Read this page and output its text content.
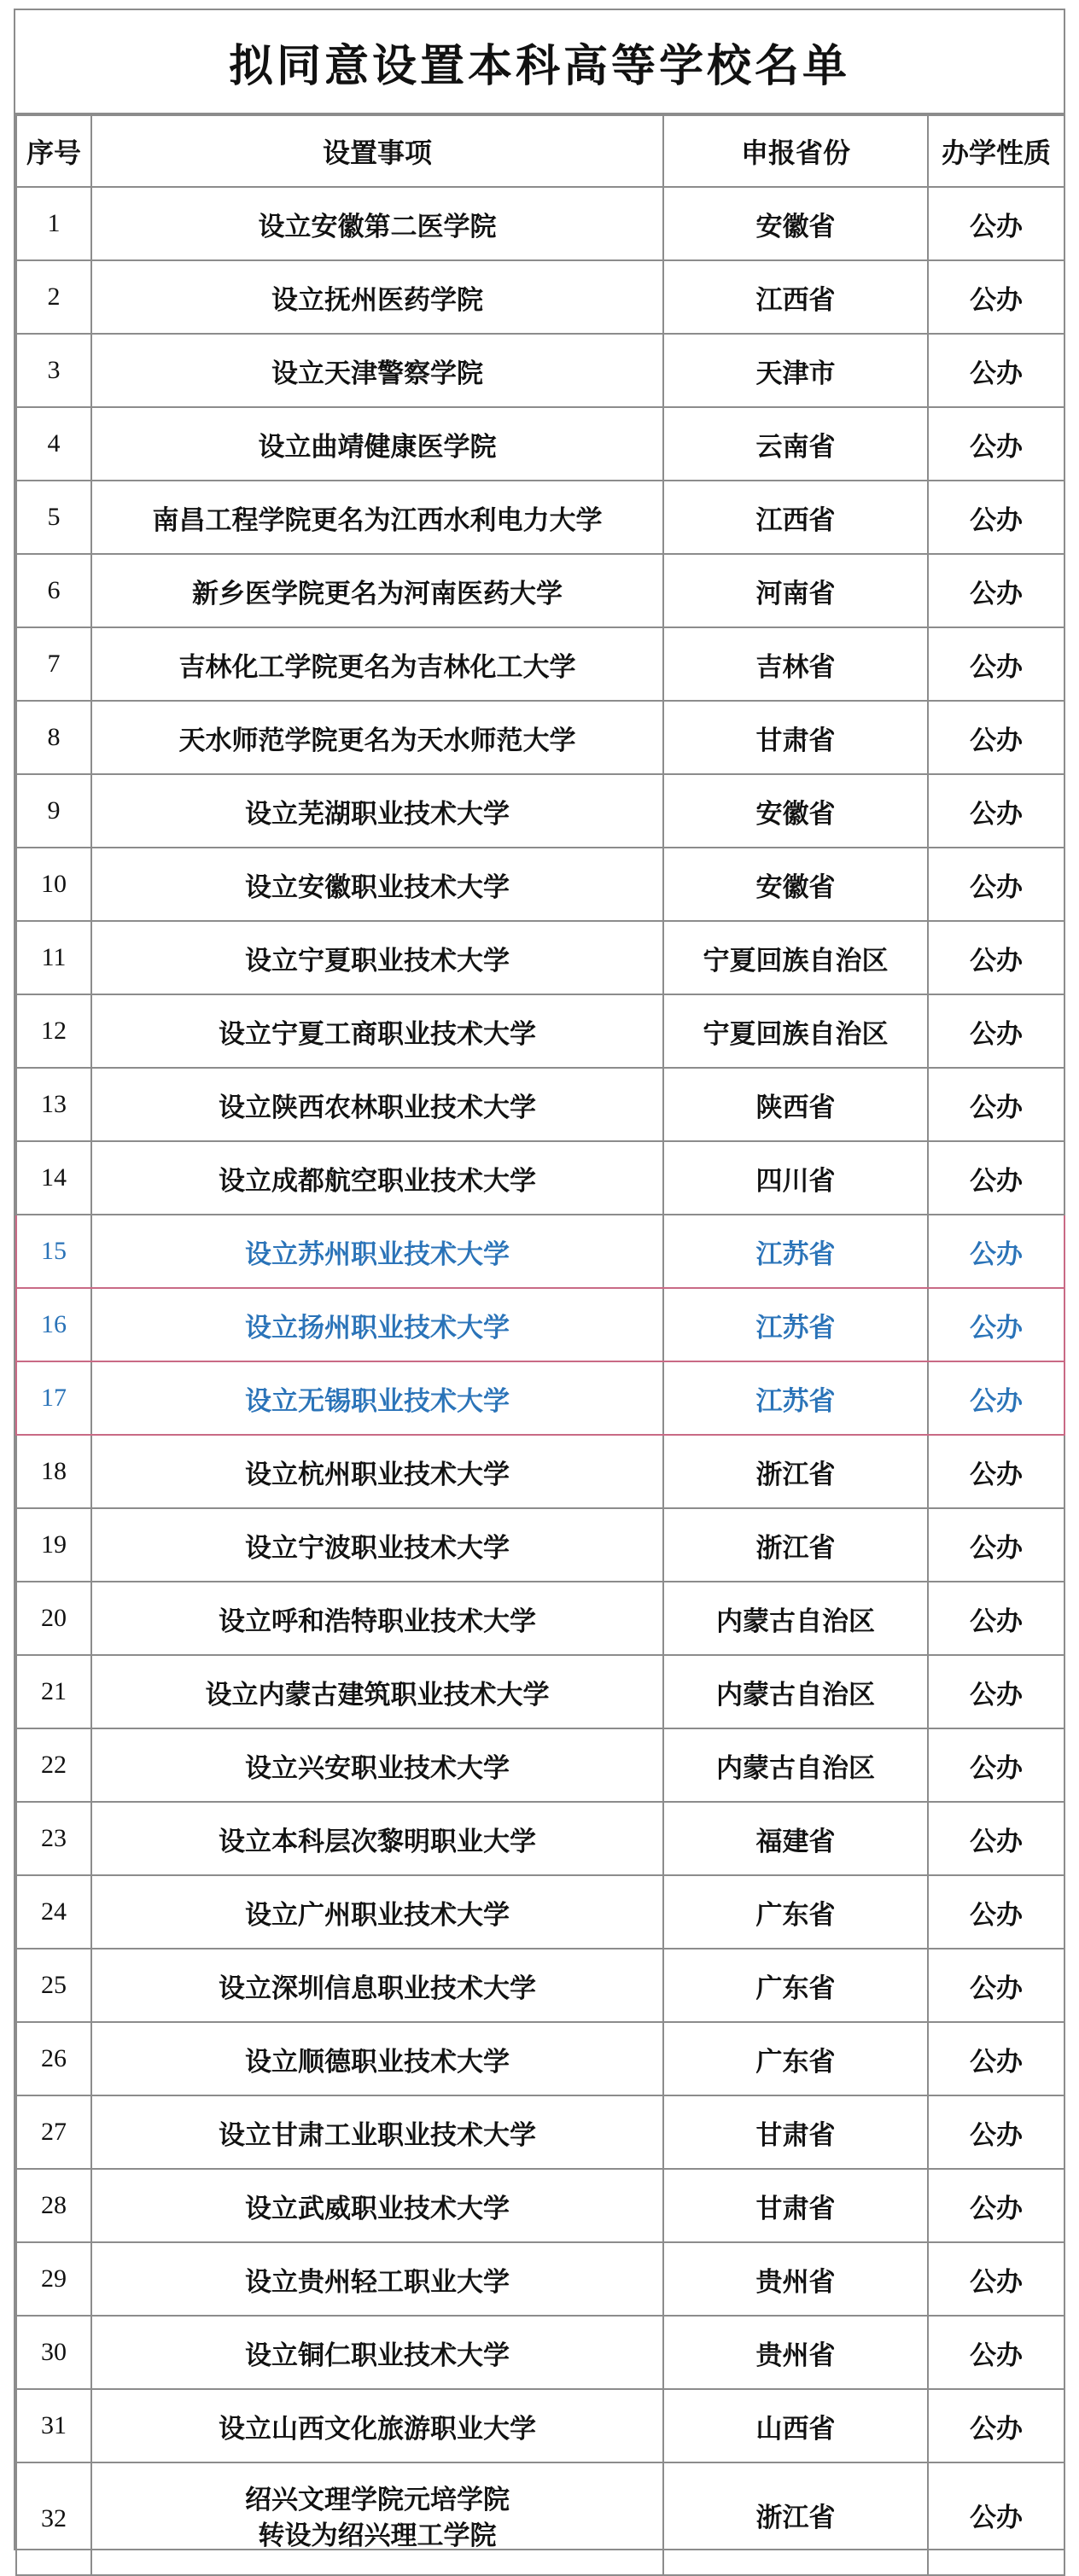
拟同意设置本科高等学校名单
序号	设置事项	申报省份	办学性质
1	设立安徽第二医学院	安徽省	公办
2	设立抚州医药学院	江西省	公办
3	设立天津警察学院	天津市	公办
4	设立曲靖健康医学院	云南省	公办
5	南昌工程学院更名为江西水利电力大学	江西省	公办
6	新乡医学院更名为河南医药大学	河南省	公办
7	吉林化工学院更名为吉林化工大学	吉林省	公办
8	天水师范学院更名为天水师范大学	甘肃省	公办
9	设立芜湖职业技术大学	安徽省	公办
10	设立安徽职业技术大学	安徽省	公办
11	设立宁夏职业技术大学	宁夏回族自治区	公办
12	设立宁夏工商职业技术大学	宁夏回族自治区	公办
13	设立陕西农林职业技术大学	陕西省	公办
14	设立成都航空职业技术大学	四川省	公办
15	设立苏州职业技术大学	江苏省	公办
16	设立扬州职业技术大学	江苏省	公办
17	设立无锡职业技术大学	江苏省	公办
18	设立杭州职业技术大学	浙江省	公办
19	设立宁波职业技术大学	浙江省	公办
20	设立呼和浩特职业技术大学	内蒙古自治区	公办
21	设立内蒙古建筑职业技术大学	内蒙古自治区	公办
22	设立兴安职业技术大学	内蒙古自治区	公办
23	设立本科层次黎明职业大学	福建省	公办
24	设立广州职业技术大学	广东省	公办
25	设立深圳信息职业技术大学	广东省	公办
26	设立顺德职业技术大学	广东省	公办
27	设立甘肃工业职业技术大学	甘肃省	公办
28	设立武威职业技术大学	甘肃省	公办
29	设立贵州轻工职业大学	贵州省	公办
30	设立铜仁职业技术大学	贵州省	公办
31	设立山西文化旅游职业大学	山西省	公办
32	绍兴文理学院元培学院
转设为绍兴理工学院	浙江省	公办
